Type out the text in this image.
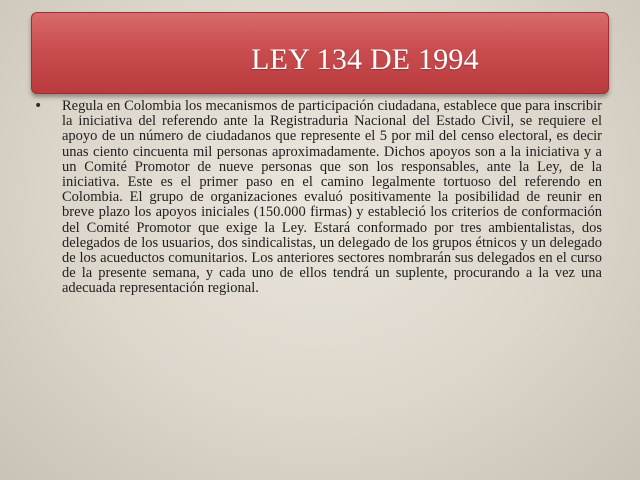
LEY 134 DE 1994
•	Regula en Colombia los mecanismos de participación ciudadana, establece que para inscribir la iniciativa del referendo ante la Registraduria Nacional del Estado Civil, se requiere el apoyo de un número de ciudadanos que represente el 5 por mil del censo electoral, es decir unas ciento cincuenta mil personas aproximadamente. Dichos apoyos son a la iniciativa y a un Comité Promotor de nueve personas que son los responsables, ante la Ley, de la iniciativa. Este es el primer paso en el camino legalmente tortuoso del referendo en Colombia. El grupo de organizaciones evaluó positivamente la posibilidad de reunir en breve plazo los apoyos iniciales (150.000 firmas) y estableció los criterios de conformación del Comité Promotor que exige la Ley. Estará conformado por tres ambientalistas, dos delegados de los usuarios, dos sindicalistas, un delegado de los grupos étnicos y un delegado de los acueductos comunitarios. Los anteriores sectores nombrarán sus delegados en el curso de la presente semana, y cada uno de ellos tendrá un suplente, procurando a la vez una adecuada representación regional.
